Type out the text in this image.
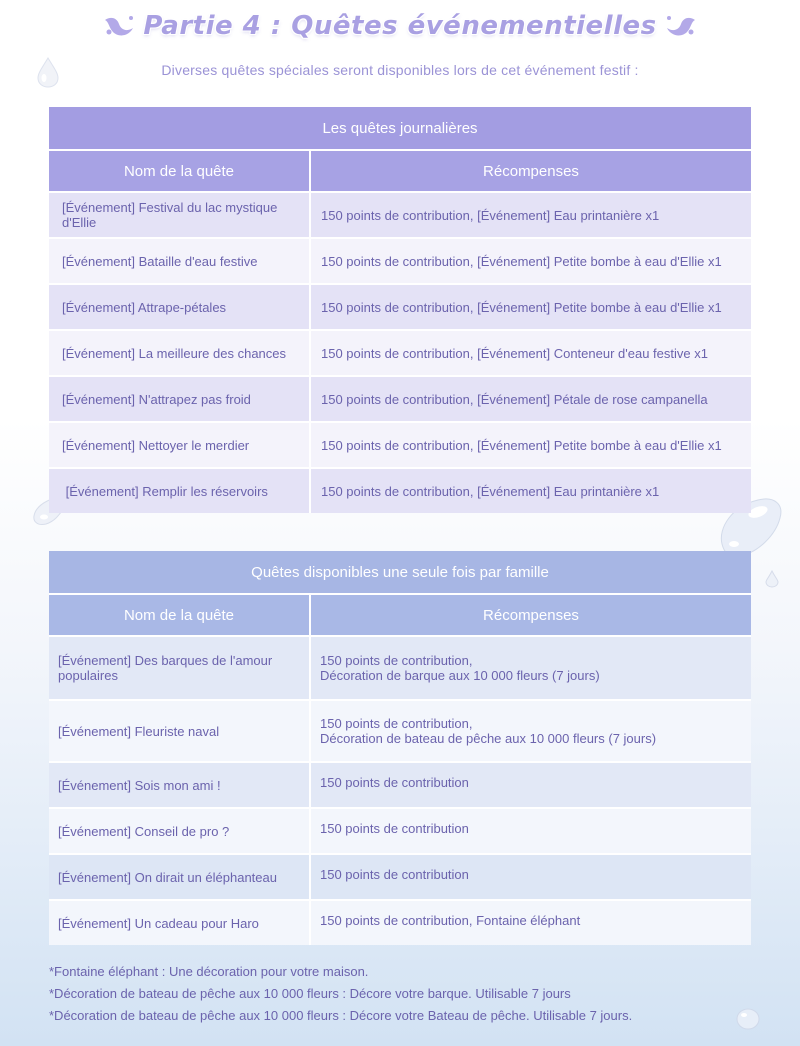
Partie 4 : Quêtes événementielles
Diverses quêtes spéciales seront disponibles lors de cet événement festif :
Les quêtes journalières	
Nom de la quête	Récompenses
[Événement] Festival du lac mystique d'Ellie	150 points de contribution, [Événement] Eau printanière x1
[Événement] Bataille d'eau festive	150 points de contribution, [Événement] Petite bombe à eau d'Ellie x1
[Événement] Attrape-pétales	150 points de contribution, [Événement] Petite bombe à eau d'Ellie x1
[Événement] La meilleure des chances	150 points de contribution, [Événement] Conteneur d'eau festive x1
[Événement] N'attrapez pas froid	150 points de contribution, [Événement] Pétale de rose campanella
[Événement] Nettoyer le merdier	150 points de contribution, [Événement] Petite bombe à eau d'Ellie x1
[Événement] Remplir les réservoirs	150 points de contribution, [Événement] Eau printanière x1
Quêtes disponibles une seule fois par famille	
Nom de la quête	Récompenses
[Événement] Des barques de l'amour populaires	150 points de contribution,
Décoration de barque aux 10 000 fleurs (7 jours)

[Événement] Fleuriste naval	150 points de contribution,
Décoration de bateau de pêche aux 10 000 fleurs (7 jours)

[Événement] Sois mon ami !	150 points de contribution
[Événement] Conseil de pro ?	150 points de contribution
[Événement] On dirait un éléphanteau	150 points de contribution
[Événement] Un cadeau pour Haro	150 points de contribution, Fontaine éléphant
*Fontaine éléphant : Une décoration pour votre maison.
*Décoration de bateau de pêche aux 10 000 fleurs : Décore votre barque. Utilisable 7 jours
*Décoration de bateau de pêche aux 10 000 fleurs : Décore votre Bateau de pêche. Utilisable 7 jours.
